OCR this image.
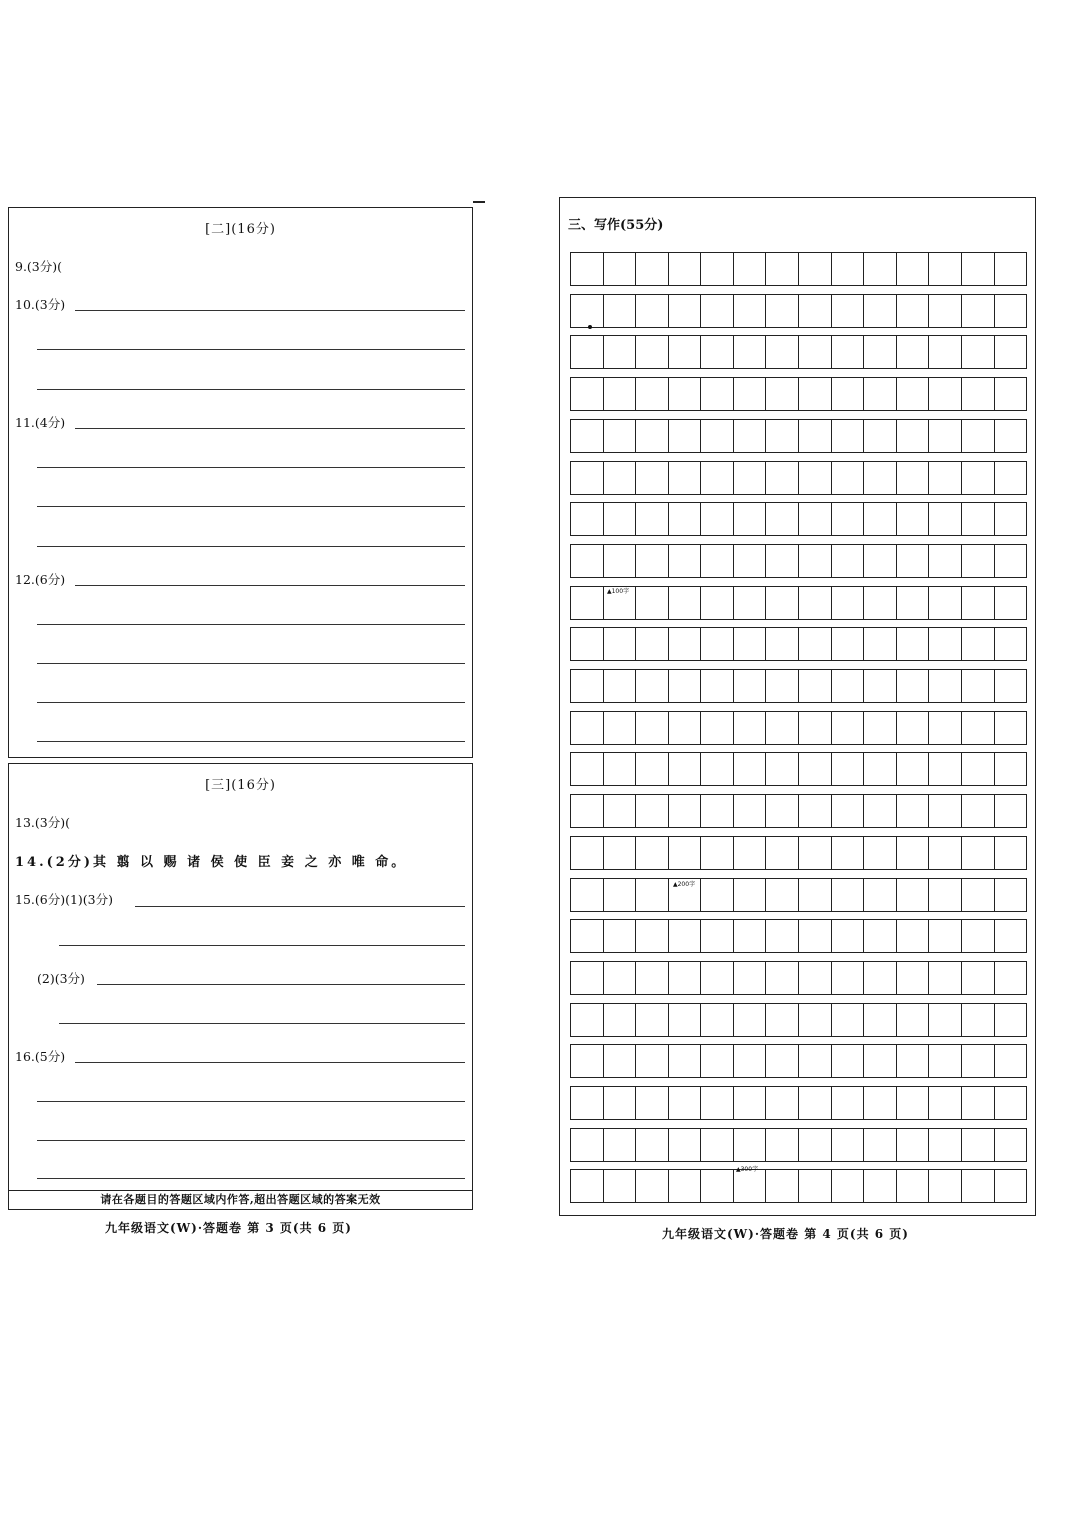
[二](16分)
9.(3分)(
10.(3分)
11.(4分)
12.(6分)
[三](16分)
13.(3分)(
14.(2分)其 翦 以 赐 诸 侯 使 臣 妾 之 亦 唯 命。
15.(6分)(1)(3分)
(2)(3分)
16.(5分)
请在各题目的答题区域内作答,超出答题区域的答案无效
九年级语文(W)·答题卷 第 3 页(共 6 页)
三、写作(55分)
▲100字
▲200字
▲300字
九年级语文(W)·答题卷 第 4 页(共 6 页)
